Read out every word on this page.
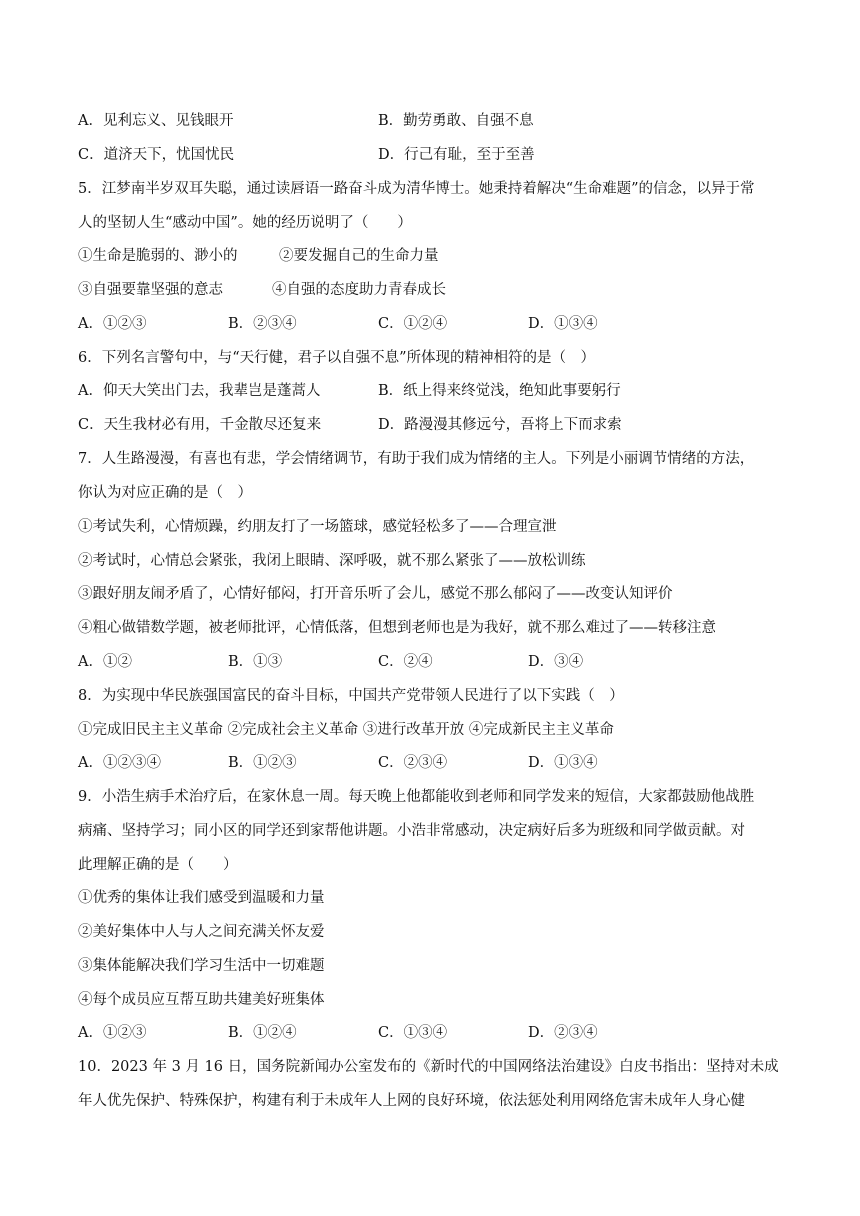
A．见利忘义、见钱眼开	B．勤劳勇敢、自强不息
C．道济天下，忧国忧民	D．行己有耻，至于至善
5．江梦南半岁双耳失聪，通过读唇语一路奋斗成为清华博士。她秉持着解决“生命难题”的信念，以异于常
人的坚韧人生“感动中国”。她的经历说明了（　　）
①生命是脆弱的、渺小的	②要发掘自己的生命力量
③自强要靠坚强的意志	④自强的态度助力青春成长
A．①②③	B．②③④	C．①②④	D．①③④
6．下列名言警句中，与“天行健，君子以自强不息”所体现的精神相符的是（　）
A．仰天大笑出门去，我辈岂是蓬蒿人	B．纸上得来终觉浅，绝知此事要躬行
C．天生我材必有用，千金散尽还复来	D．路漫漫其修远兮，吾将上下而求索
7．人生路漫漫，有喜也有悲，学会情绪调节，有助于我们成为情绪的主人。下列是小丽调节情绪的方法，
你认为对应正确的是（　）
①考试失利，心情烦躁，约朋友打了一场篮球，感觉轻松多了——合理宣泄
②考试时，心情总会紧张，我闭上眼睛、深呼吸，就不那么紧张了——放松训练
③跟好朋友闹矛盾了，心情好郁闷，打开音乐听了会儿，感觉不那么郁闷了——改变认知评价
④粗心做错数学题，被老师批评，心情低落，但想到老师也是为我好，就不那么难过了——转移注意
A．①②	B．①③	C．②④	D．③④
8．为实现中华民族强国富民的奋斗目标，中国共产党带领人民进行了以下实践（　）
①完成旧民主主义革命 ②完成社会主义革命 ③进行改革开放 ④完成新民主主义革命
A．①②③④	B．①②③	C．②③④	D．①③④
9．小浩生病手术治疗后，在家休息一周。每天晚上他都能收到老师和同学发来的短信，大家都鼓励他战胜
病痛、坚持学习；同小区的同学还到家帮他讲题。小浩非常感动，决定病好后多为班级和同学做贡献。对
此理解正确的是（　　）
①优秀的集体让我们感受到温暖和力量
②美好集体中人与人之间充满关怀友爱
③集体能解决我们学习生活中一切难题
④每个成员应互帮互助共建美好班集体
A．①②③	B．①②④	C．①③④	D．②③④
10．2023 年 3 月 16 日，国务院新闻办公室发布的《新时代的中国网络法治建设》白皮书指出：坚持对未成
年人优先保护、特殊保护，构建有利于未成年人上网的良好环境，依法惩处利用网络危害未成年人身心健
